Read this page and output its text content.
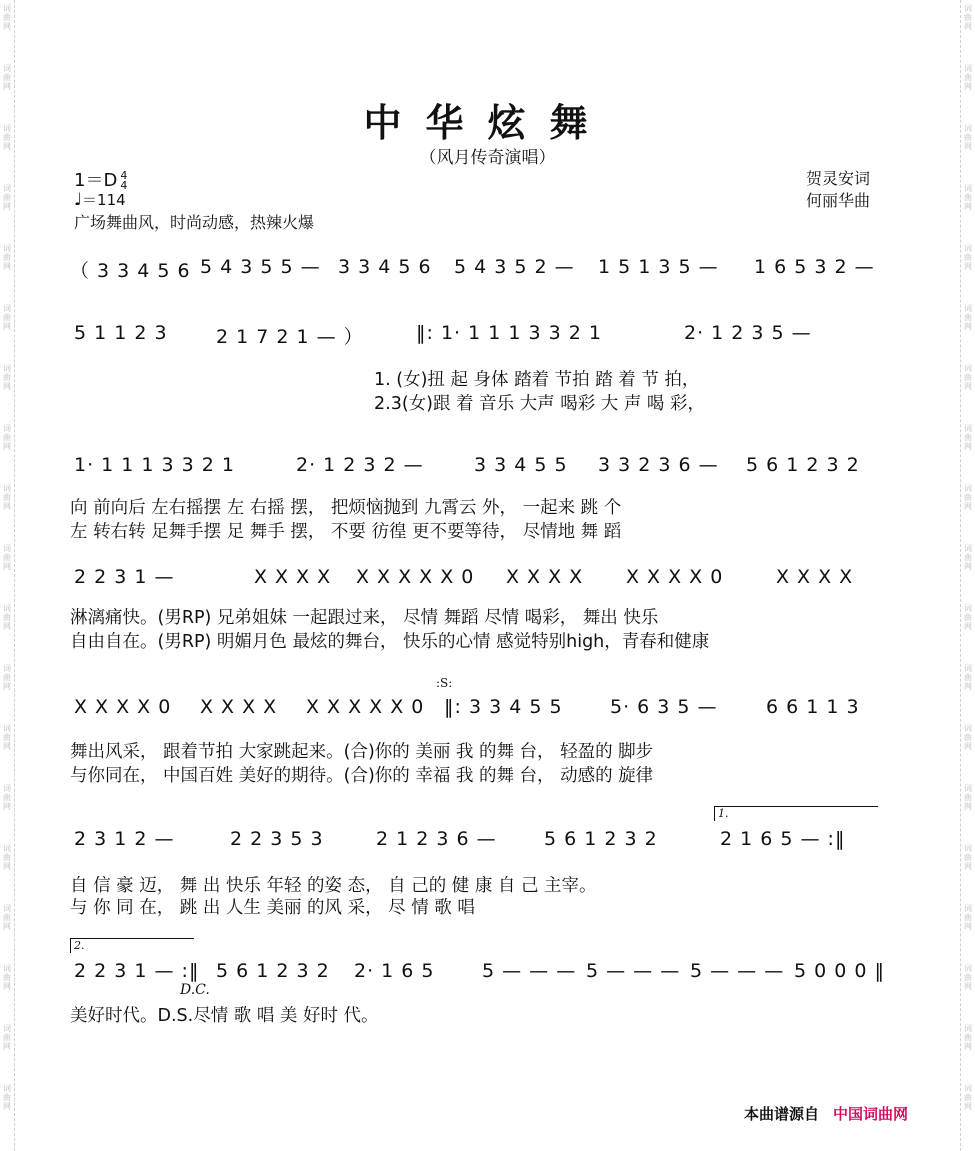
词
曲
网
词
曲
网
词
曲
网
词
曲
网
词
曲
网
词
曲
网
词
曲
网
词
曲
网
词
曲
网
词
曲
网
词
曲
网
词
曲
网
词
曲
网
词
曲
网
词
曲
网
词
曲
网
词
曲
网
词
曲
网
词
曲
网
词
曲
网
词
曲
网
词
曲
网
词
曲
网
词
曲
网
词
曲
网
词
曲
网
词
曲
网
词
曲
网
词
曲
网
词
曲
网
词
曲
网
词
曲
网
词
曲
网
词
曲
网
词
曲
网
词
曲
网
词
曲
网
词
曲
网
中华炫舞
（风月传奇演唱）
1＝D 4
4
♩＝114
广场舞曲风，时尚动感，热辣火爆
贺灵安词
何丽华曲
（ 3 3 4 5 6 5 4 3 5 5 — 3 3 4 5 6 5 4 3 5 2 — 1 5 1 3 5 — 1 6 5 3 2 —
5 1 1 2 3	2 1 7 2 1 — ）	‖: 1· 1 1 1 3 3 2 1	2· 1 2 3 5 —
1. (女)扭 起 身体 踏着 节拍 踏 着 节 拍，
2.3(女)跟 着 音乐 大声 喝彩 大 声 喝 彩，
1· 1 1 1 3 3 2 1	2· 1 2 3 2 —	3 3 4 5 5 3 3 2 3 6 — 5 6 1 2 3 2
向 前向后 左右摇摆 左 右摇 摆， 把烦恼抛到 九霄云 外， 一起来 跳 个
左 转右转 足舞手摆 足 舞手 摆， 不要 彷徨 更不要等待， 尽情地 舞 蹈
2 2 3 1 —	X X X X X X X X X 0 X X X X X X X X 0	X X X X
淋漓痛快。(男RP) 兄弟姐妹 一起跟过来， 尽情 舞蹈 尽情 喝彩， 舞出 快乐
自由自在。(男RP) 明媚月色 最炫的舞台， 快乐的心情 感觉特别high，青春和健康
:S:
X X X X 0 X X X X X X X X X 0 ‖: 3 3 4 5 5 5· 6 3 5 —	6 6 1 1 3
舞出风采， 跟着节拍 大家跳起来。(合)你的 美丽 我 的舞 台， 轻盈的 脚步
与你同在， 中国百姓 美好的期待。(合)你的 幸福 我 的舞 台， 动感的 旋律
1.
2 3 1 2 —	2 2 3 5 3	2 1 2 3 6 — 5 6 1 2 3 2	2 1 6 5 — :‖
自 信 豪 迈， 舞 出 快乐 年轻 的姿 态， 自 己的 健 康 自 己 主宰。
与 你 同 在， 跳 出 人生 美丽 的风 采， 尽 情 歌 唱
2.
2 2 3 1 — :‖ 5 6 1 2 3 2 2· 1 6 5 5 — — — 5 — — — 5 — — — 5 0 0 0 ‖
D.C.
美好时代。D.S.尽情 歌 唱 美 好时 代。
本曲谱源自 中国词曲网
